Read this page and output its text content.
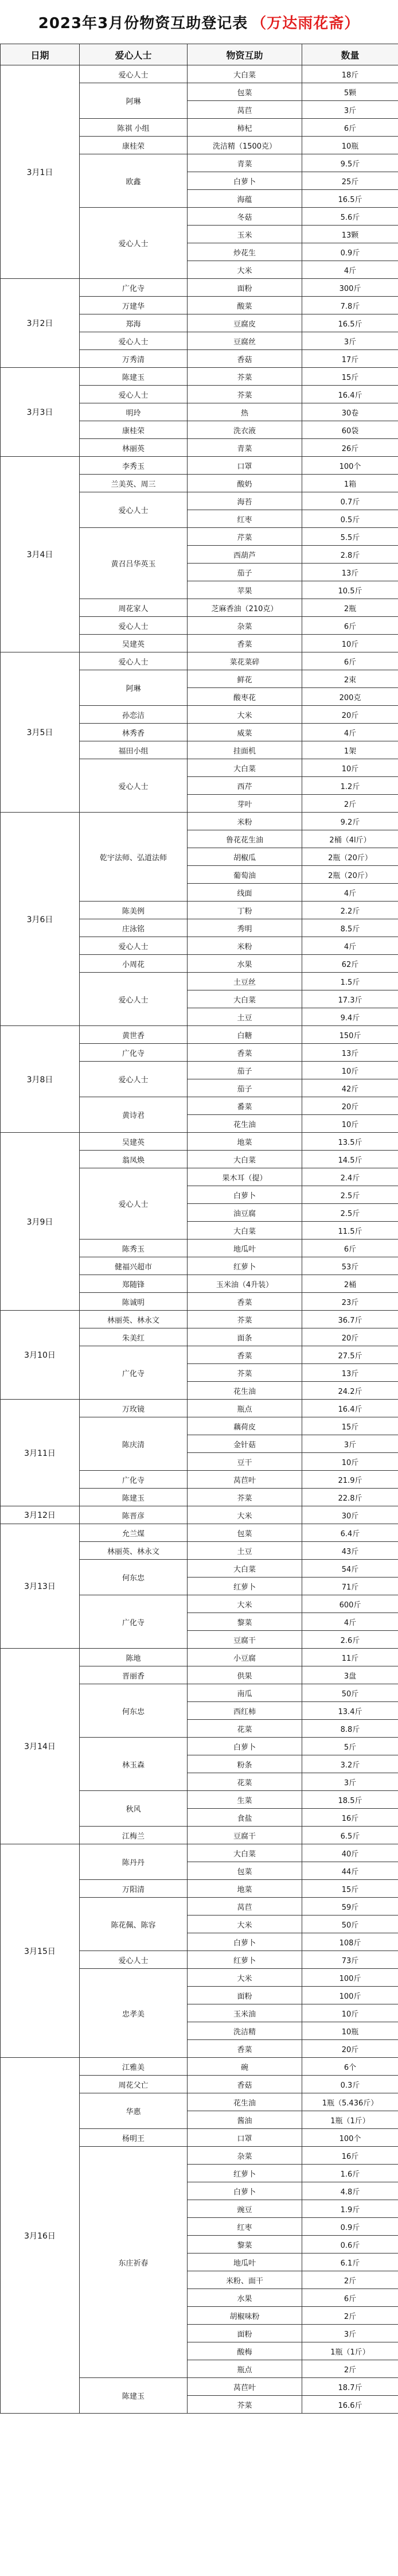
2023年3月份物资互助登记表 （万达雨花斋）
日期	爱心人士	物资互助	数量
3月1日	爱心人士	大白菜	18斤
	阿琳	包菜	5颗
		莴苣	3斤
	陈祺 小组	柿杞	6斤
	康桂荣	洗洁精（1500克）	10瓶
	欧鑫	青菜	9.5斤
		白萝卜	25斤
		海蕴	16.5斤
	爱心人士	冬菇	5.6斤
		玉米	13颗
		炒花生	0.9斤
		大米	4斤
3月2日	广化寺	面粉	300斤
	万建华	酸菜	7.8斤
	郑海	豆腐皮	16.5斤
	爱心人士	豆腐丝	3斤
	万秀清	香菇	17斤
3月3日	陈建玉	芥菜	15斤
	爱心人士	芥菜	16.4斤
	明玲	热	30卷
	康桂荣	洗衣液	60袋
	林丽英	青菜	26斤
3月4日	李秀玉	口罩	100个
	兰美英、周三	酸奶	1箱
	爱心人士	海苔	0.7斤
		红枣	0.5斤
	黄召吕华英玉	芹菜	5.5斤
		西葫芦	2.8斤
		茄子	13斤
		苹果	10.5斤
	周花家人	芝麻香油（210克）	2瓶
	爱心人士	杂菜	6斤
	吴建英	香菜	10斤
3月5日	爱心人士	菜花菜碎	6斤
	阿琳	鲜花	2束
		酸枣花	200克
	孙恋洁	大米	20斤
	林秀香	威菜	4斤
	福田小组	挂面机	1架
	爱心人士	大白菜	10斤
		西芹	1.2斤
		芽叶	2斤
3月6日	乾宇法师、弘道法师	米粉	9.2斤
		鲁花花生油	2桶（4l斤）
		胡椒瓜	2瓶（20斤）
		葡萄油	2瓶（20斤）
		线面	4斤
	陈美例	丁粉	2.2斤
	庄泳铭	秀明	8.5斤
	爱心人士	米粉	4斤
	小周花	水果	62斤
	爱心人士	土豆丝	1.5斤
		大白菜	17.3斤
		土豆	9.4斤
3月8日	黄世香	白糖	150斤
	广化寺	香菜	13斤
	爱心人士	茄子	10斤
		茄子	42斤
	黄诗君	番菜	20斤
		花生油	10斤
3月9日	吴建英	地菜	13.5斤
	翁凤焕	大白菜	14.5斤
	爱心人士	果木耳（提）	2.4斤
		白萝卜	2.5斤
		油豆腐	2.5斤
		大白菜	11.5斤
	陈秀玉	地瓜叶	6斤
	健福兴超市	红萝卜	53斤
	郑随锋	玉米油（4升装）	2桶
	陈诚明	香菜	23斤
3月10日	林丽英、林永文	芥菜	36.7斤
	朱美红	面条	20斤
	广化寺	香菜	27.5斤
		芥菜	13斤
		花生油	24.2斤
3月11日	万玫镜	瓶点	16.4斤
	陈庆清	藕荷皮	15斤
		金针菇	3斤
		豆干	10斤
	广化寺	莴苣叶	21.9斤
	陈建玉	芥菜	22.8斤
3月12日	陈晋彦	大米	30斤
3月13日	允兰煤	包菜	6.4斤
	林丽英、林永文	土豆	43斤
	何东忠	大白菜	54斤
		红萝卜	71斤
	广化寺	大米	600斤
		黎菜	4斤
		豆腐干	2.6斤
3月14日	陈地	小豆腐	11斤
	晋丽香	供果	3盘
	何东忠	南瓜	50斤
		西红柿	13.4斤
		花菜	8.8斤
	林玉森	白萝卜	5斤
		粉条	3.2斤
		花菜	3斤
	秋风	生菜	18.5斤
		食盐	16斤
	江梅兰	豆腐干	6.5斤
3月15日	陈丹丹	大白菜	40斤
		包菜	44斤
	万阳清	地菜	15斤
	陈花佩、陈容	莴苣	59斤
		大米	50斤
		白萝卜	108斤
	爱心人士	红萝卜	73斤
	忠孝美	大米	100斤
		面粉	100斤
		玉米油	10斤
		洗洁精	10瓶
		香菜	20斤
3月16日	江雅美	碗	6个
	周花父亡	香菇	0.3斤
	华惠	花生油	1瓶（5.436斤）
		酱油	1瓶（1斤）
	杨明王	口罩	100个
	东庄祈春	杂菜	16斤
		红萝卜	1.6斤
		白萝卜	4.8斤
		豌豆	1.9斤
		红枣	0.9斤
		黎菜	0.6斤
		地瓜叶	6.1斤
		米粉、面干	2斤
		水果	6斤
		胡椒味粉	2斤
		面粉	3斤
		酸梅	1瓶（1斤）
		瓶点	2斤
	陈建玉	莴苣叶	18.7斤
		芥菜	16.6斤
